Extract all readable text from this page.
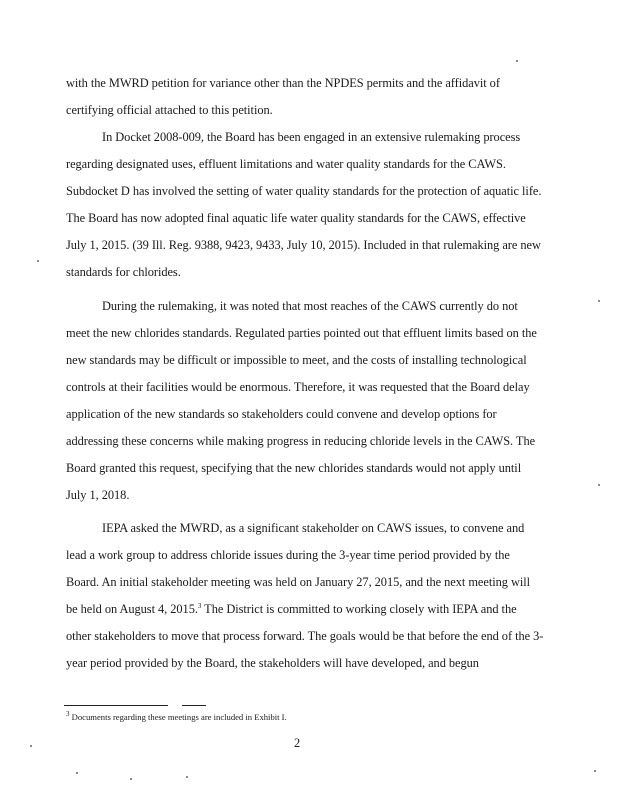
with the MWRD petition for variance other than the NPDES permits and the affidavit of
certifying official attached to this petition.
In Docket 2008-009, the Board has been engaged in an extensive rulemaking process
regarding designated uses, effluent limitations and water quality standards for the CAWS.
Subdocket D has involved the setting of water quality standards for the protection of aquatic life.
The Board has now adopted final aquatic life water quality standards for the CAWS, effective
July 1, 2015. (39 Ill. Reg. 9388, 9423, 9433, July 10, 2015). Included in that rulemaking are new
standards for chlorides.
During the rulemaking, it was noted that most reaches of the CAWS currently do not
meet the new chlorides standards. Regulated parties pointed out that effluent limits based on the
new standards may be difficult or impossible to meet, and the costs of installing technological
controls at their facilities would be enormous. Therefore, it was requested that the Board delay
application of the new standards so stakeholders could convene and develop options for
addressing these concerns while making progress in reducing chloride levels in the CAWS. The
Board granted this request, specifying that the new chlorides standards would not apply until
July 1, 2018.
IEPA asked the MWRD, as a significant stakeholder on CAWS issues, to convene and
lead a work group to address chloride issues during the 3-year time period provided by the
Board. An initial stakeholder meeting was held on January 27, 2015, and the next meeting will
be held on August 4, 2015.$^3$ The District is committed to working closely with IEPA and the
other stakeholders to move that process forward. The goals would be that before the end of the 3-
year period provided by the Board, the stakeholders will have developed, and begun
$^3$ Documents regarding these meetings are included in Exhibit I.
2
